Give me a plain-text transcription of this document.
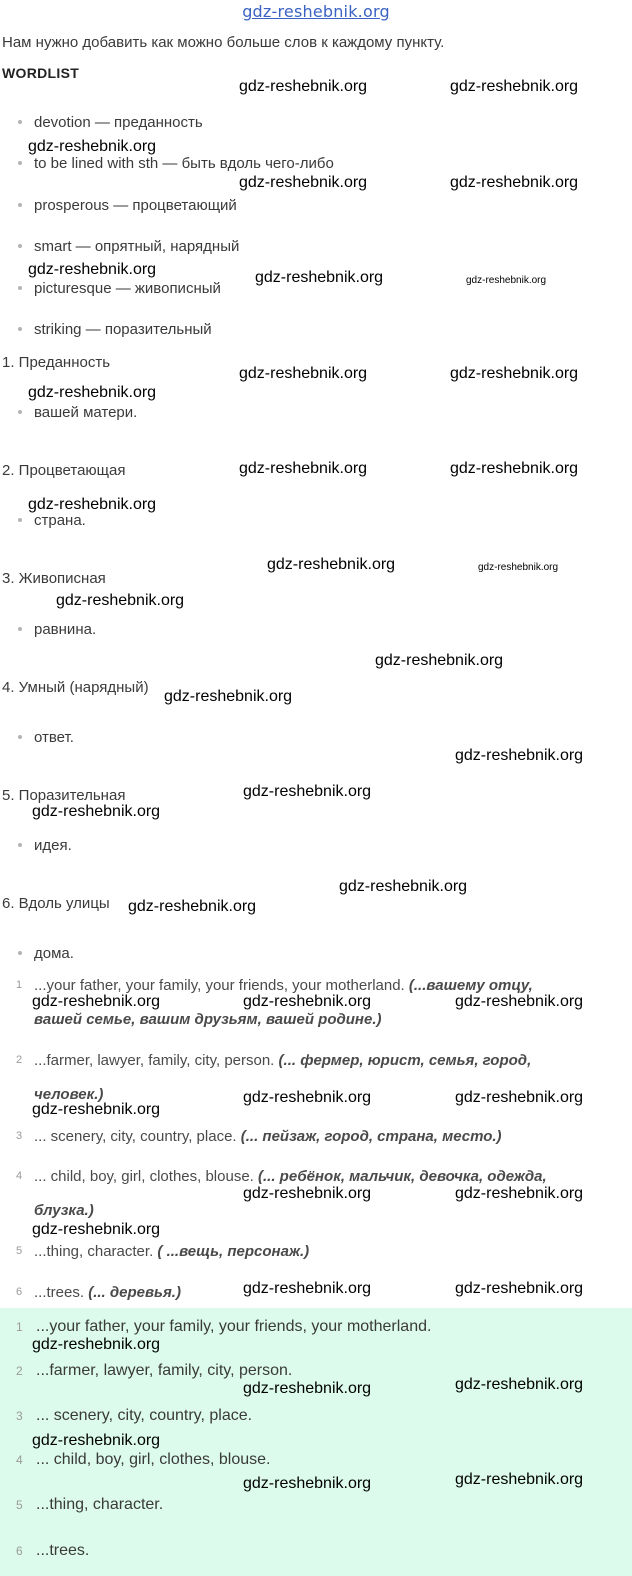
gdz-reshebnik.org
Нам нужно добавить как можно больше слов к каждому пункту.
WORDLIST
devotion — преданность
to be lined with sth — быть вдоль чего-либо
prosperous — процветающий
smart — опрятный, нарядный
picturesque — живописный
striking — поразительный
1. Преданность
вашей матери.
2. Процветающая
страна.
3. Живописная
равнина.
4. Умный (нарядный)
ответ.
5. Поразительная
идея.
6. Вдоль улицы
дома.
1 ...your father, your family, your friends, your motherland. (...вашему отцу,
вашей семье, вашим друзьям, вашей родине.)
2 ...farmer, lawyer, family, city, person. (... фермер, юрист, семья, город,
человек.)
3 ... scenery, city, country, place. (... пейзаж, город, страна, место.)
4 ... child, boy, girl, clothes, blouse. (... ребёнок, мальчик, девочка, одежда,
блузка.)
5 ...thing, character. ( ...вещь, персонаж.)
6 ...trees. (... деревья.)
1 ...your father, your family, your friends, your motherland.
2 ...farmer, lawyer, family, city, person.
3 ... scenery, city, country, place.
4 ... child, boy, girl, clothes, blouse.
5 ...thing, character.
6 ...trees.
gdz-reshebnik.org	gdz-reshebnik.org
gdz-reshebnik.org
gdz-reshebnik.org	gdz-reshebnik.org
gdz-reshebnik.org	gdz-reshebnik.org	gdz-reshebnik.org
gdz-reshebnik.org	gdz-reshebnik.org
gdz-reshebnik.org
gdz-reshebnik.org	gdz-reshebnik.org
gdz-reshebnik.org
gdz-reshebnik.org	gdz-reshebnik.org
gdz-reshebnik.org
gdz-reshebnik.org
gdz-reshebnik.org
gdz-reshebnik.org
gdz-reshebnik.org
gdz-reshebnik.org
gdz-reshebnik.org
gdz-reshebnik.org
gdz-reshebnik.org	gdz-reshebnik.org	gdz-reshebnik.org
gdz-reshebnik.org	gdz-reshebnik.org
gdz-reshebnik.org
gdz-reshebnik.org	gdz-reshebnik.org
gdz-reshebnik.org
gdz-reshebnik.org	gdz-reshebnik.org
gdz-reshebnik.org
gdz-reshebnik.org	gdz-reshebnik.org
gdz-reshebnik.org
gdz-reshebnik.org	gdz-reshebnik.org
